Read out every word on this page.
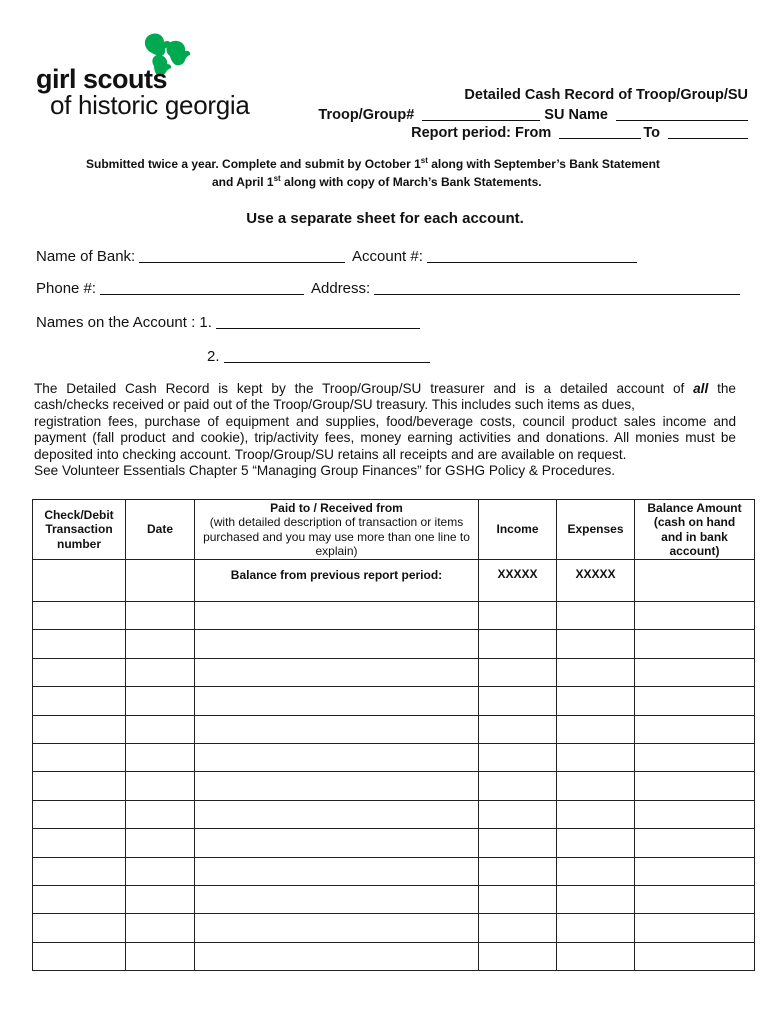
girl scouts
of historic georgia	Detailed Cash Record of Troop/Group/SU
Troop/Group#	SU Name
Report period: From	To
Submitted twice a year. Complete and submit by October 1st along with September’s Bank Statement
and April 1st along with copy of March’s Bank Statements.
Use a separate sheet for each account.
Name of Bank:	Account #:
Phone #:	Address:
Names on the Account : 1.
2.
The Detailed Cash Record is kept by the Troop/Group/SU treasurer and is a detailed account of all the
cash/checks received or paid out of the Troop/Group/SU treasury. This includes such items as dues,
registration fees, purchase of equipment and supplies, food/beverage costs, council product sales income and
payment (fall product and cookie), trip/activity fees, money earning activities and donations. All monies must be
deposited into checking account. Troop/Group/SU retains all receipts and are available on request.
See Volunteer Essentials Chapter 5 “Managing Group Finances” for GSHG Policy & Procedures.
Check/Debit Transaction number	Date	Paid to / Received from
(with detailed description of transaction or items purchased and you may use more than one line to explain)	Income	Expenses	Balance Amount (cash on hand and in bank account)
		Balance from previous report period:	XXXXX	XXXXX	
